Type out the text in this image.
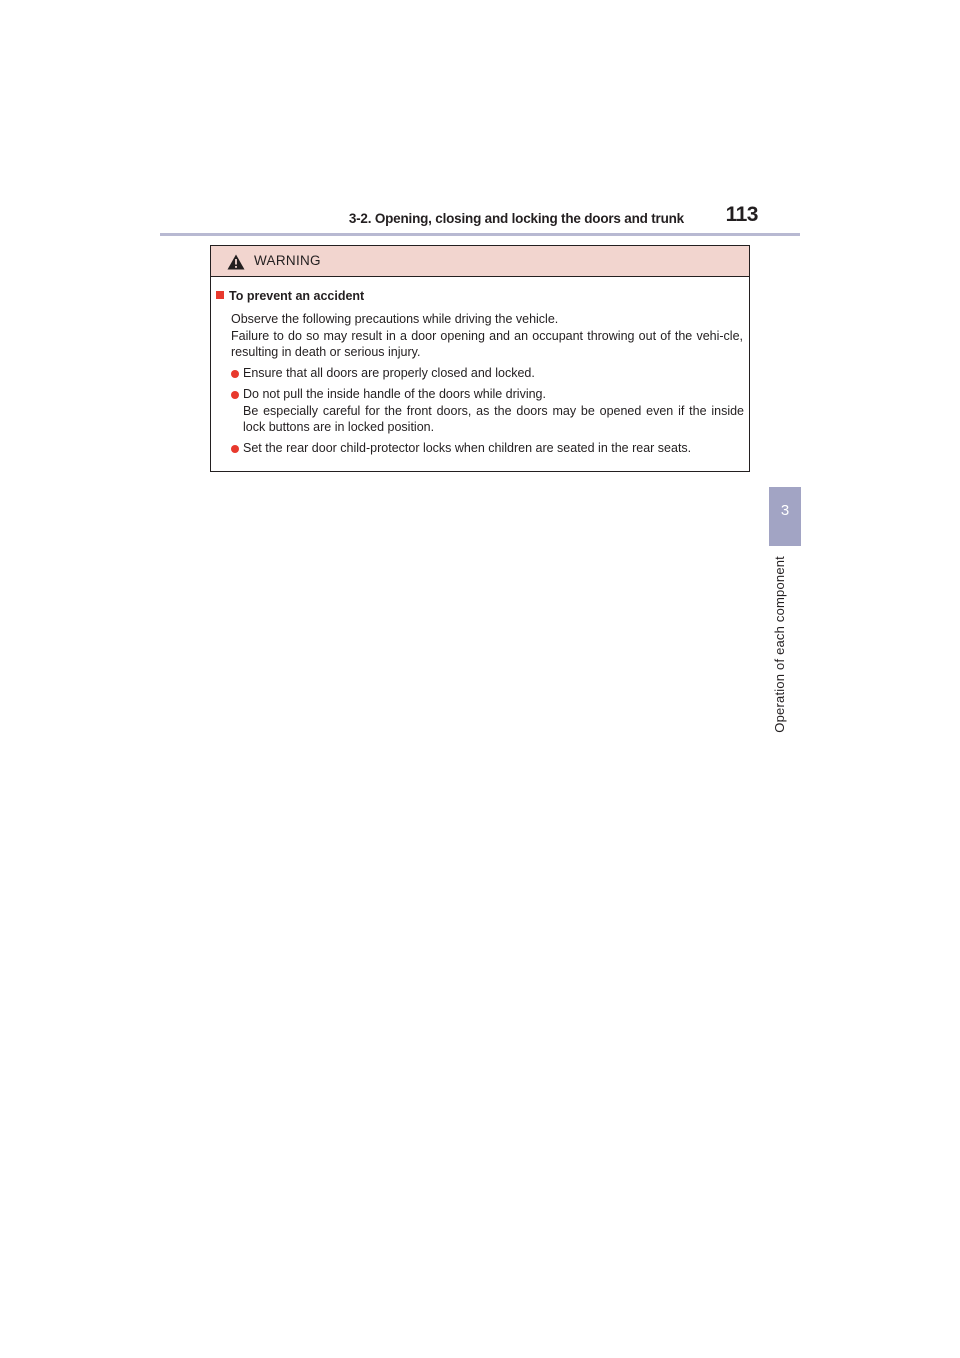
3-2. Opening, closing and locking the doors and trunk 113
3
Operation of each component
WARNING
To prevent an accident
Observe the following precautions while driving the vehicle.
Failure to do so may result in a door opening and an occupant throwing out of the vehi-cle, resulting in death or serious injury.
Ensure that all doors are properly closed and locked.
Do not pull the inside handle of the doors while driving.
Be especially careful for the front doors, as the doors may be opened even if the inside lock buttons are in locked position.
Set the rear door child-protector locks when children are seated in the rear seats.
